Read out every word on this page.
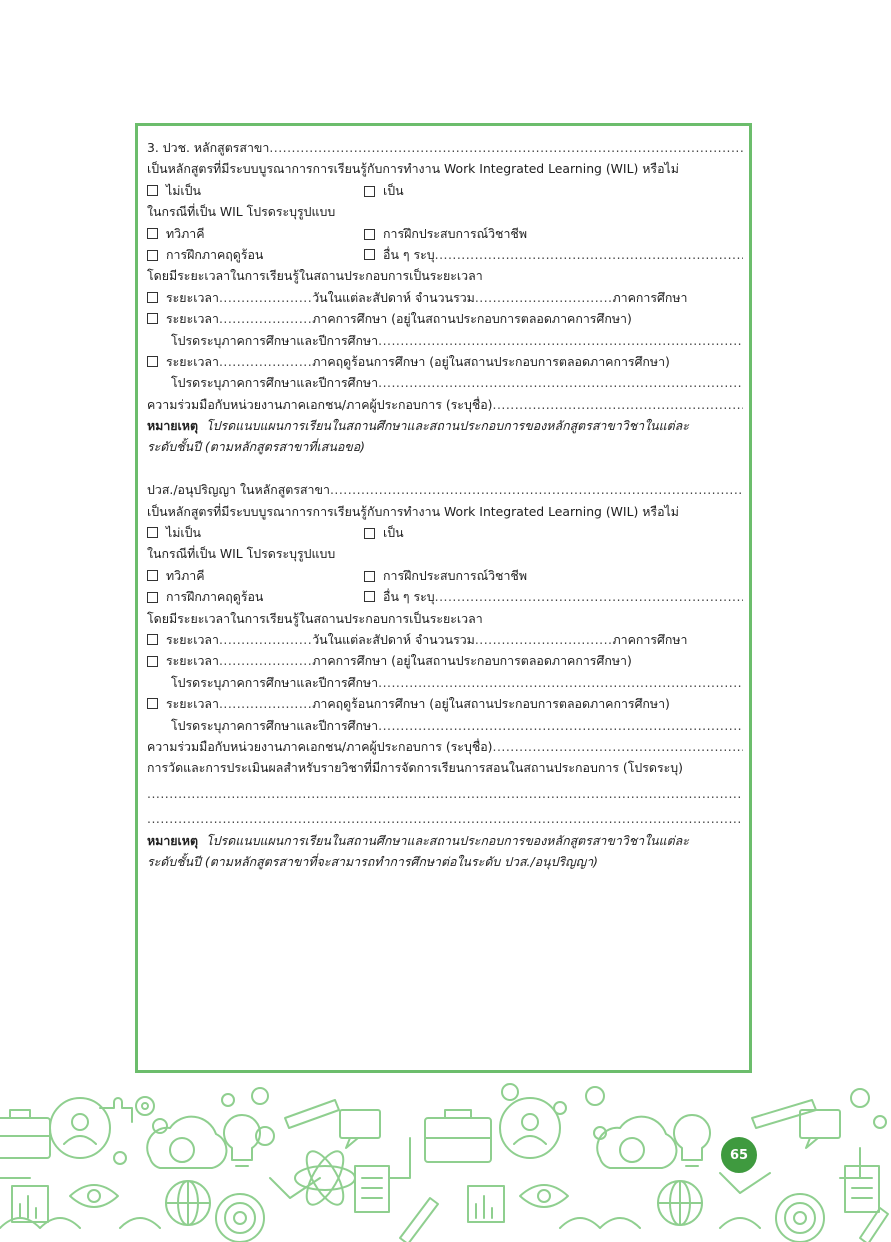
3. ปวช. หลักสูตรสาขา
.....
เป็นหลักสูตรที่มีระบบบูรณาการการเรียนรู้กับการทำงาน Work Integrated Learning (WIL) หรือไม่
ไม่เป็น	เป็น
ในกรณีที่เป็น WIL โปรดระบุรูปแบบ
ทวิภาคี	การฝึกประสบการณ์วิชาชีพ
การฝึกภาคฤดูร้อน	อื่น ๆ ระบุ
.....
โดยมีระยะเวลาในการเรียนรู้ในสถานประกอบการเป็นระยะเวลา
ระยะเวลา ..................... วันในแต่ละสัปดาห์ จำนวนรวม ............................... ภาคการศึกษา
ระยะเวลา ..................... ภาคการศึกษา (อยู่ในสถานประกอบการตลอดภาคการศึกษา)
โปรดระบุภาคการศึกษาและปีการศึกษา
.....
ระยะเวลา ..................... ภาคฤดูร้อนการศึกษา (อยู่ในสถานประกอบการตลอดภาคการศึกษา)
โปรดระบุภาคการศึกษาและปีการศึกษา
.....
ความร่วมมือกับหน่วยงานภาคเอกชน/ภาคผู้ประกอบการ (ระบุชื่อ)
.....
หมายเหตุ โปรดแนบแผนการเรียนในสถานศึกษาและสถานประกอบการของหลักสูตรสาขาวิชาในแต่ละ
ระดับชั้นปี (ตามหลักสูตรสาขาที่เสนอขอ)
ปวส./อนุปริญญา ในหลักสูตรสาขา
.....
เป็นหลักสูตรที่มีระบบบูรณาการการเรียนรู้กับการทำงาน Work Integrated Learning (WIL) หรือไม่
ไม่เป็น	เป็น
ในกรณีที่เป็น WIL โปรดระบุรูปแบบ
ทวิภาคี	การฝึกประสบการณ์วิชาชีพ
การฝึกภาคฤดูร้อน	อื่น ๆ ระบุ
.....
โดยมีระยะเวลาในการเรียนรู้ในสถานประกอบการเป็นระยะเวลา
ระยะเวลา ..................... วันในแต่ละสัปดาห์ จำนวนรวม ............................... ภาคการศึกษา
ระยะเวลา ..................... ภาคการศึกษา (อยู่ในสถานประกอบการตลอดภาคการศึกษา)
โปรดระบุภาคการศึกษาและปีการศึกษา
.....
ระยะเวลา ..................... ภาคฤดูร้อนการศึกษา (อยู่ในสถานประกอบการตลอดภาคการศึกษา)
โปรดระบุภาคการศึกษาและปีการศึกษา
.....
ความร่วมมือกับหน่วยงานภาคเอกชน/ภาคผู้ประกอบการ (ระบุชื่อ)
.....
การวัดและการประเมินผลสำหรับรายวิชาที่มีการจัดการเรียนการสอนในสถานประกอบการ (โปรดระบุ)
.....
.....
หมายเหตุ โปรดแนบแผนการเรียนในสถานศึกษาและสถานประกอบการของหลักสูตรสาขาวิชาในแต่ละ
ระดับชั้นปี (ตามหลักสูตรสาขาที่จะสามารถทำการศึกษาต่อในระดับ ปวส./อนุปริญญา)
65
